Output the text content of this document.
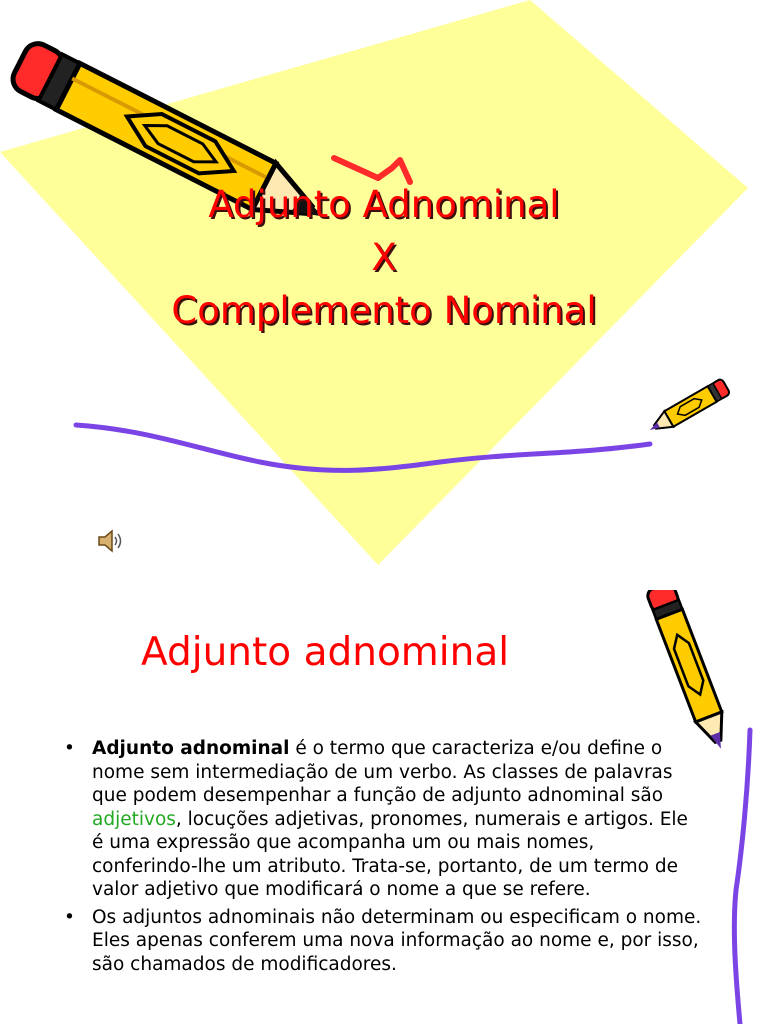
Adjunto Adnominal
X
Complemento Nominal
Adjunto adnominal
• Adjunto adnominal é o termo que caracteriza e/ou define o nome sem intermediação de um verbo. As classes de palavras que podem desempenhar a função de adjunto adnominal são adjetivos, locuções adjetivas, pronomes, numerais e artigos. Ele é uma expressão que acompanha um ou mais nomes, conferindo-lhe um atributo. Trata-se, portanto, de um termo de valor adjetivo que modificará o nome a que se refere.
• Os adjuntos adnominais não determinam ou especificam o nome. Eles apenas conferem uma nova informação ao nome e, por isso, são chamados de modificadores.
